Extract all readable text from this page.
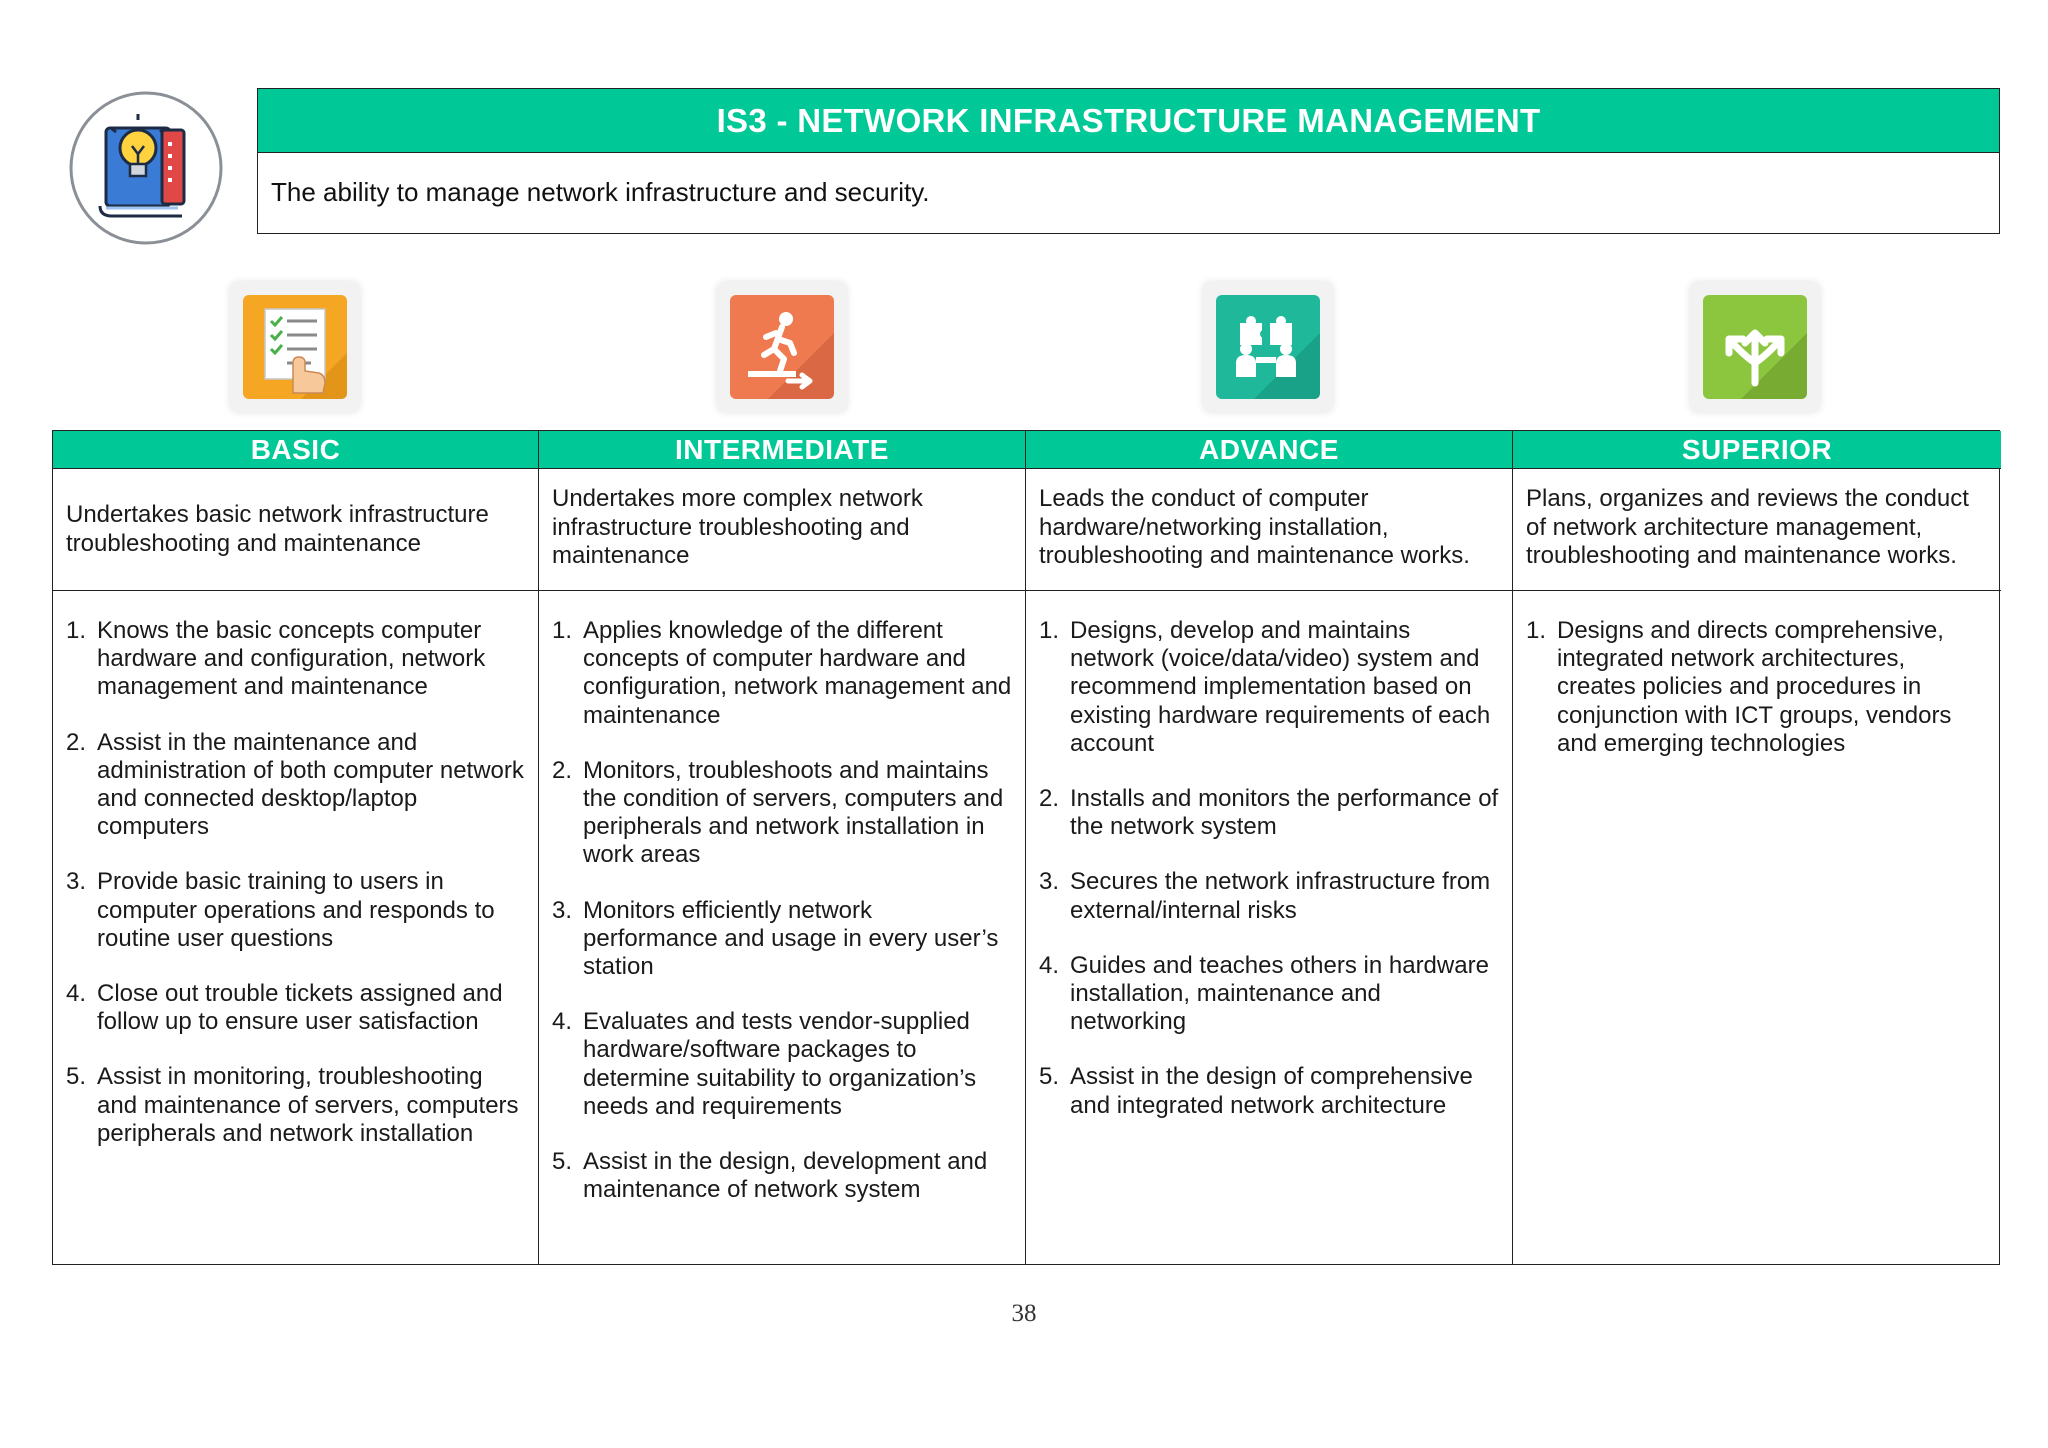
IS3 - NETWORK INFRASTRUCTURE MANAGEMENT
The ability to manage network infrastructure and security.
BASIC
Undertakes basic network infrastructure troubleshooting and maintenance
1. Knows the basic concepts computer hardware and configuration, network management and maintenance
2. Assist in the maintenance and administration of both computer network and connected desktop/laptop computers
3. Provide basic training to users in computer operations and responds to routine user questions
4. Close out trouble tickets assigned and follow up to ensure user satisfaction
5. Assist in monitoring, troubleshooting and maintenance of servers, computers peripherals and network installation
INTERMEDIATE
Undertakes more complex network infrastructure troubleshooting and maintenance
1. Applies knowledge of the different concepts of computer hardware and configuration, network management and maintenance
2. Monitors, troubleshoots and maintains the condition of servers, computers and peripherals and network installation in work areas
3. Monitors efficiently network performance and usage in every user’s station
4. Evaluates and tests vendor-supplied hardware/software packages to determine suitability to organization’s needs and requirements
5. Assist in the design, development and maintenance of network system
ADVANCE
Leads the conduct of computer hardware/networking installation, troubleshooting and maintenance works.
1. Designs, develop and maintains network (voice/data/video) system and recommend implementation based on existing hardware requirements of each account
2. Installs and monitors the performance of the network system
3. Secures the network infrastructure from external/internal risks
4. Guides and teaches others in hardware installation, maintenance and networking
5. Assist in the design of comprehensive and integrated network architecture
SUPERIOR
Plans, organizes and reviews the conduct of network architecture management, troubleshooting and maintenance works.
1. Designs and directs comprehensive, integrated network architectures, creates policies and procedures in conjunction with ICT groups, vendors and emerging technologies
38
